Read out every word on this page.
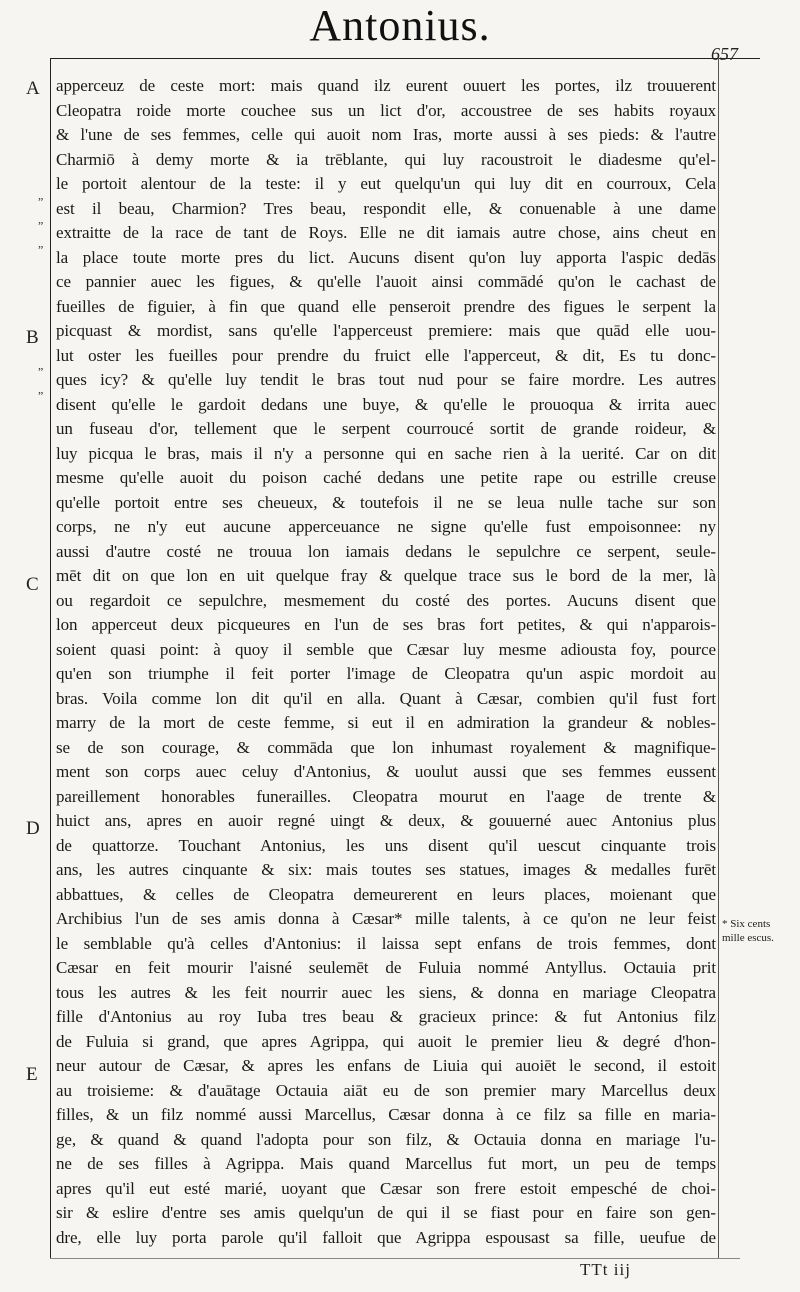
Antonius.
657
A
B
C
D
E
„
„
„
„
„
apperceuz de ceste mort: mais quand ilz eurent ouuert les portes, ilz trouuerent
Cleopatra roide morte couchee sus un lict d'or, accoustree de ses habits royaux
& l'une de ses femmes, celle qui auoit nom Iras, morte aussi à ses pieds: & l'autre
Charmiō à demy morte & ia trēblante, qui luy racoustroit le diadesme qu'el-
le portoit alentour de la teste: il y eut quelqu'un qui luy dit en courroux, Cela
est il beau, Charmion? Tres beau, respondit elle, & conuenable à une dame
extraitte de la race de tant de Roys. Elle ne dit iamais autre chose, ains cheut en
la place toute morte pres du lict. Aucuns disent qu'on luy apporta l'aspic dedās
ce pannier auec les figues, & qu'elle l'auoit ainsi commādé qu'on le cachast de
fueilles de figuier, à fin que quand elle penseroit prendre des figues le serpent la
picquast & mordist, sans qu'elle l'apperceust premiere: mais que quād elle uou-
lut oster les fueilles pour prendre du fruict elle l'apperceut, & dit, Es tu donc-
ques icy? & qu'elle luy tendit le bras tout nud pour se faire mordre. Les autres
disent qu'elle le gardoit dedans une buye, & qu'elle le prouoqua & irrita auec
un fuseau d'or, tellement que le serpent courroucé sortit de grande roideur, &
luy picqua le bras, mais il n'y a personne qui en sache rien à la uerité. Car on dit
mesme qu'elle auoit du poison caché dedans une petite rape ou estrille creuse
qu'elle portoit entre ses cheueux, & toutefois il ne se leua nulle tache sur son
corps, ne n'y eut aucune apperceuance ne signe qu'elle fust empoisonnee: ny
aussi d'autre costé ne trouua lon iamais dedans le sepulchre ce serpent, seule-
mēt dit on que lon en uit quelque fray & quelque trace sus le bord de la mer, là
ou regardoit ce sepulchre, mesmement du costé des portes. Aucuns disent que
lon apperceut deux picqueures en l'un de ses bras fort petites, & qui n'apparois-
soient quasi point: à quoy il semble que Cæsar luy mesme adiousta foy, pource
qu'en son triumphe il feit porter l'image de Cleopatra qu'un aspic mordoit au
bras. Voila comme lon dit qu'il en alla. Quant à Cæsar, combien qu'il fust fort
marry de la mort de ceste femme, si eut il en admiration la grandeur & nobles-
se de son courage, & commāda que lon inhumast royalement & magnifique-
ment son corps auec celuy d'Antonius, & uoulut aussi que ses femmes eussent
pareillement honorables funerailles. Cleopatra mourut en l'aage de trente &
huict ans, apres en auoir regné uingt & deux, & gouuerné auec Antonius plus
de quattorze. Touchant Antonius, les uns disent qu'il uescut cinquante trois
ans, les autres cinquante & six: mais toutes ses statues, images & medalles furēt
abbattues, & celles de Cleopatra demeurerent en leurs places, moienant que
Archibius l'un de ses amis donna à Cæsar* mille talents, à ce qu'on ne leur feist
le semblable qu'à celles d'Antonius: il laissa sept enfans de trois femmes, dont
Cæsar en feit mourir l'aisné seulemēt de Fuluia nommé Antyllus. Octauia prit
tous les autres & les feit nourrir auec les siens, & donna en mariage Cleopatra
fille d'Antonius au roy Iuba tres beau & gracieux prince: & fut Antonius filz
de Fuluia si grand, que apres Agrippa, qui auoit le premier lieu & degré d'hon-
neur autour de Cæsar, & apres les enfans de Liuia qui auoiēt le second, il estoit
au troisieme: & d'auātage Octauia aiāt eu de son premier mary Marcellus deux
filles, & un filz nommé aussi Marcellus, Cæsar donna à ce filz sa fille en maria-
ge, & quand & quand l'adopta pour son filz, & Octauia donna en mariage l'u-
ne de ses filles à Agrippa. Mais quand Marcellus fut mort, un peu de temps
apres qu'il eut esté marié, uoyant que Cæsar son frere estoit empesché de choi-
sir & eslire d'entre ses amis quelqu'un de qui il se fiast pour en faire son gen-
dre, elle luy porta parole qu'il falloit que Agrippa espousast sa fille, ueufue de
* Six cents mille escus.
TTt iij
